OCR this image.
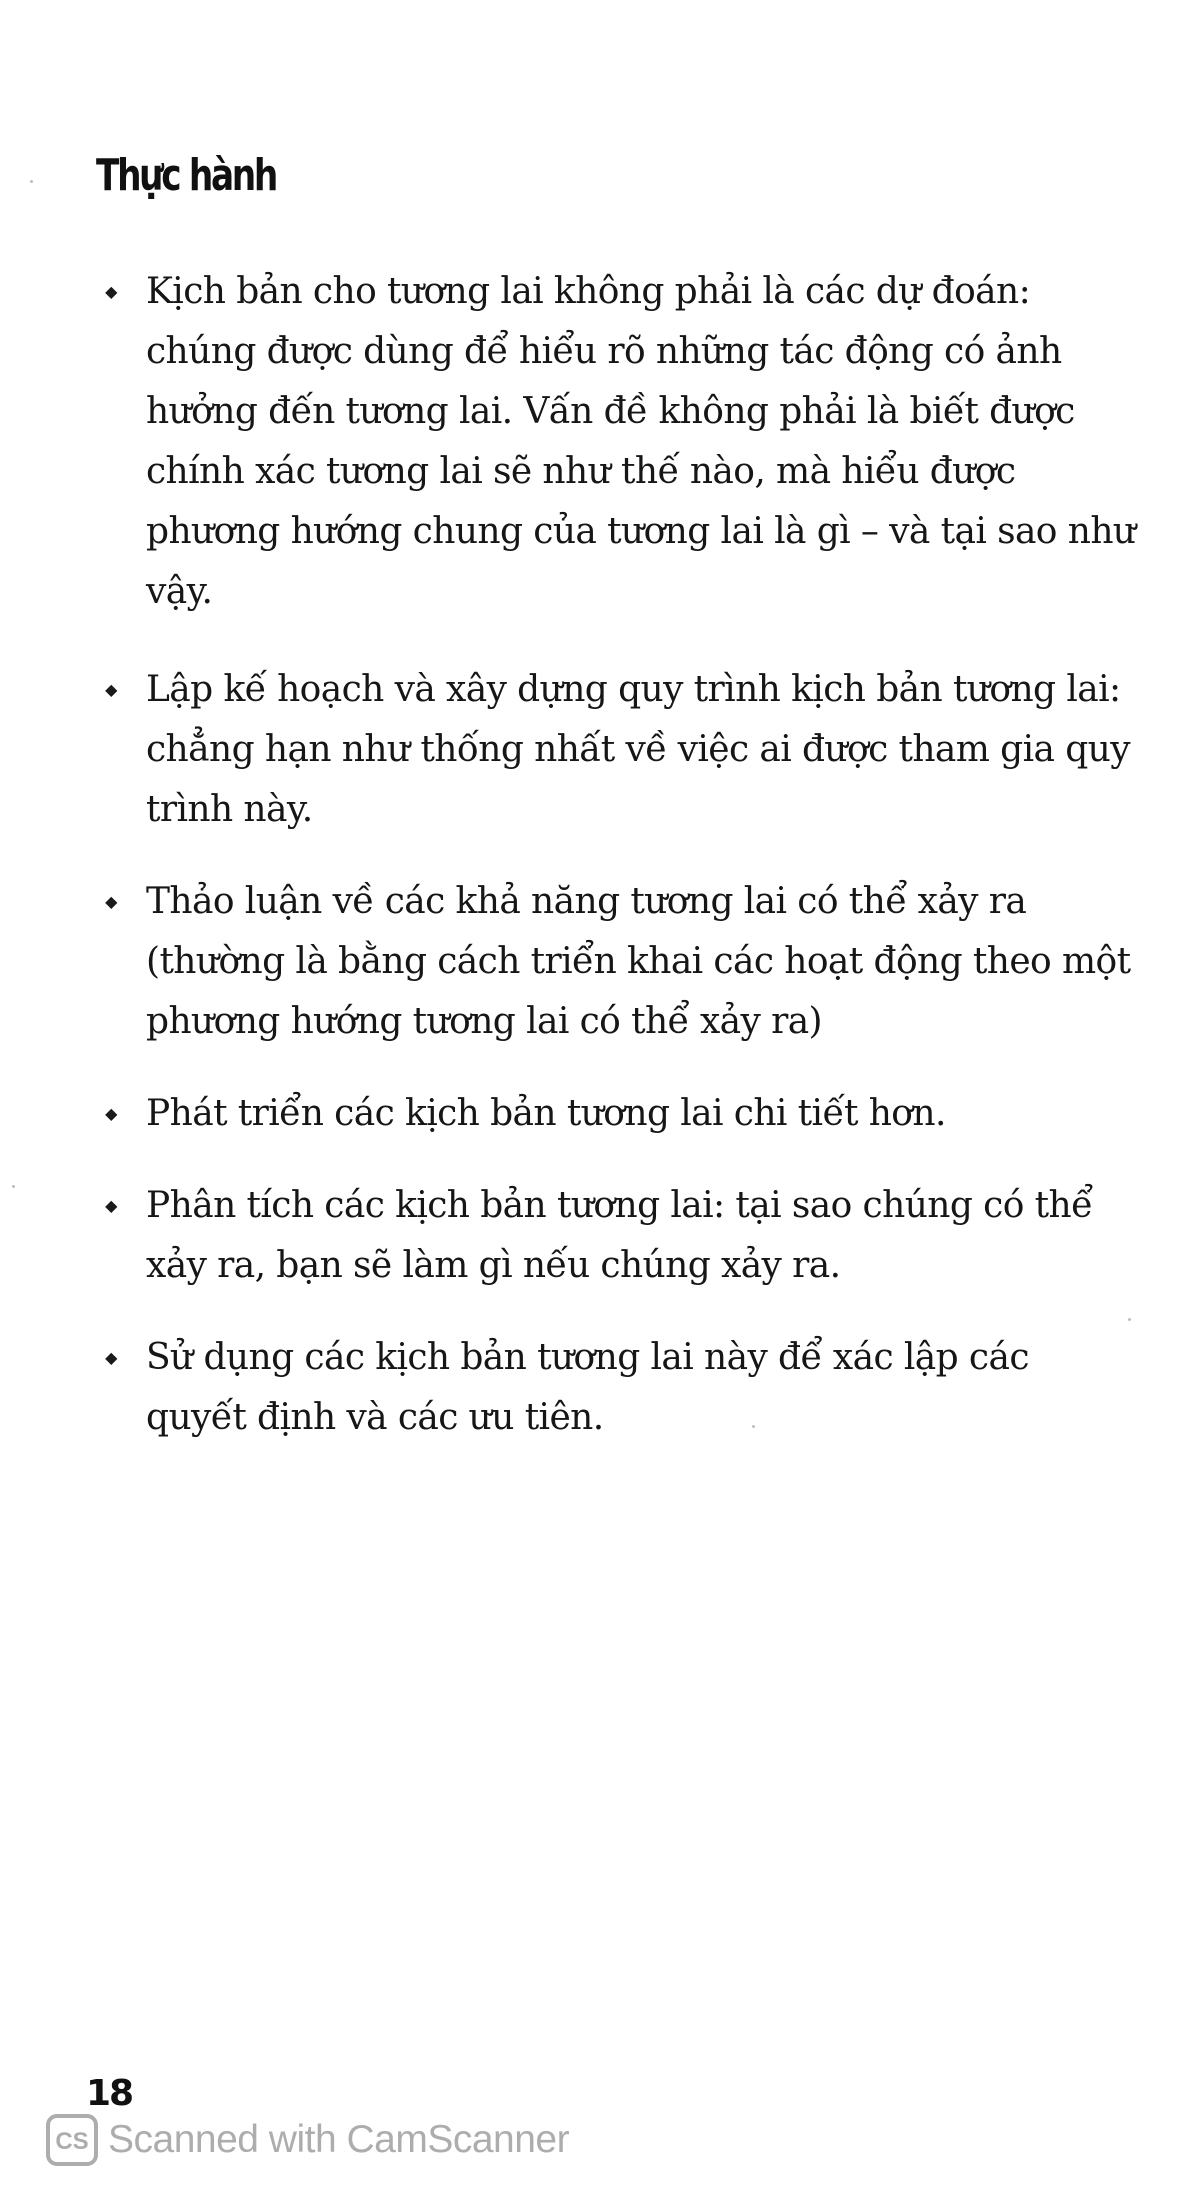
Thực hành
◆ Kịch bản cho tương lai không phải là các dự đoán: chúng được dùng để hiểu rõ những tác động có ảnh hưởng đến tương lai. Vấn đề không phải là biết được chính xác tương lai sẽ như thế nào, mà hiểu được phương hướng chung của tương lai là gì – và tại sao như vậy.
◆ Lập kế hoạch và xây dựng quy trình kịch bản tương lai: chẳng hạn như thống nhất về việc ai được tham gia quy trình này.
◆ Thảo luận về các khả năng tương lai có thể xảy ra (thường là bằng cách triển khai các hoạt động theo một phương hướng tương lai có thể xảy ra)
◆ Phát triển các kịch bản tương lai chi tiết hơn.
◆ Phân tích các kịch bản tương lai: tại sao chúng có thể xảy ra, bạn sẽ làm gì nếu chúng xảy ra.
◆ Sử dụng các kịch bản tương lai này để xác lập các quyết định và các ưu tiên.
18
CS Scanned with CamScanner
